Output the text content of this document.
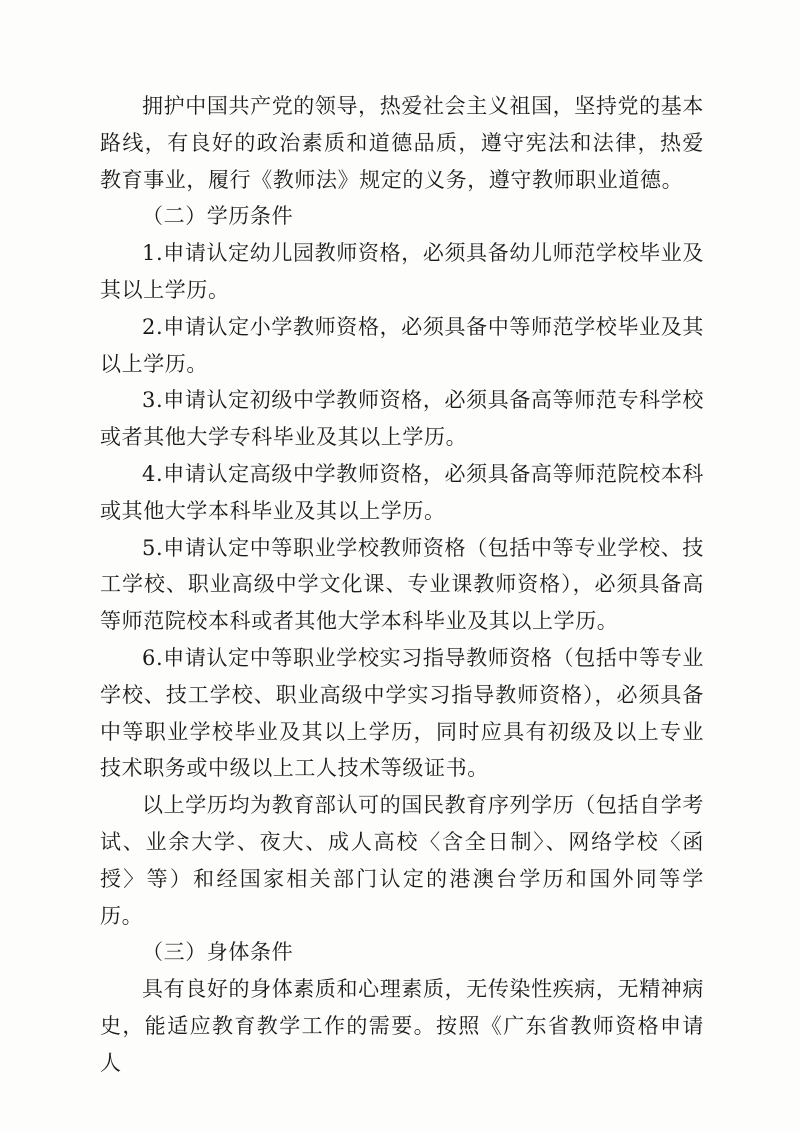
拥护中国共产党的领导，热爱社会主义祖国，坚持党的基本路线，有良好的政治素质和道德品质，遵守宪法和法律，热爱教育事业，履行《教师法》规定的义务，遵守教师职业道德。

（二）学历条件

1.申请认定幼儿园教师资格，必须具备幼儿师范学校毕业及其以上学历。

2.申请认定小学教师资格，必须具备中等师范学校毕业及其以上学历。

3.申请认定初级中学教师资格，必须具备高等师范专科学校或者其他大学专科毕业及其以上学历。

4.申请认定高级中学教师资格，必须具备高等师范院校本科或其他大学本科毕业及其以上学历。

5.申请认定中等职业学校教师资格（包括中等专业学校、技工学校、职业高级中学文化课、专业课教师资格），必须具备高等师范院校本科或者其他大学本科毕业及其以上学历。

6.申请认定中等职业学校实习指导教师资格（包括中等专业学校、技工学校、职业高级中学实习指导教师资格），必须具备中等职业学校毕业及其以上学历，同时应具有初级及以上专业技术职务或中级以上工人技术等级证书。

以上学历均为教育部认可的国民教育序列学历（包括自学考试、业余大学、夜大、成人高校〈含全日制〉、网络学校〈函授〉等）和经国家相关部门认定的港澳台学历和国外同等学历。

（三）身体条件

具有良好的身体素质和心理素质，无传染性疾病，无精神病史，能适应教育教学工作的需要。按照《广东省教师资格申请人
